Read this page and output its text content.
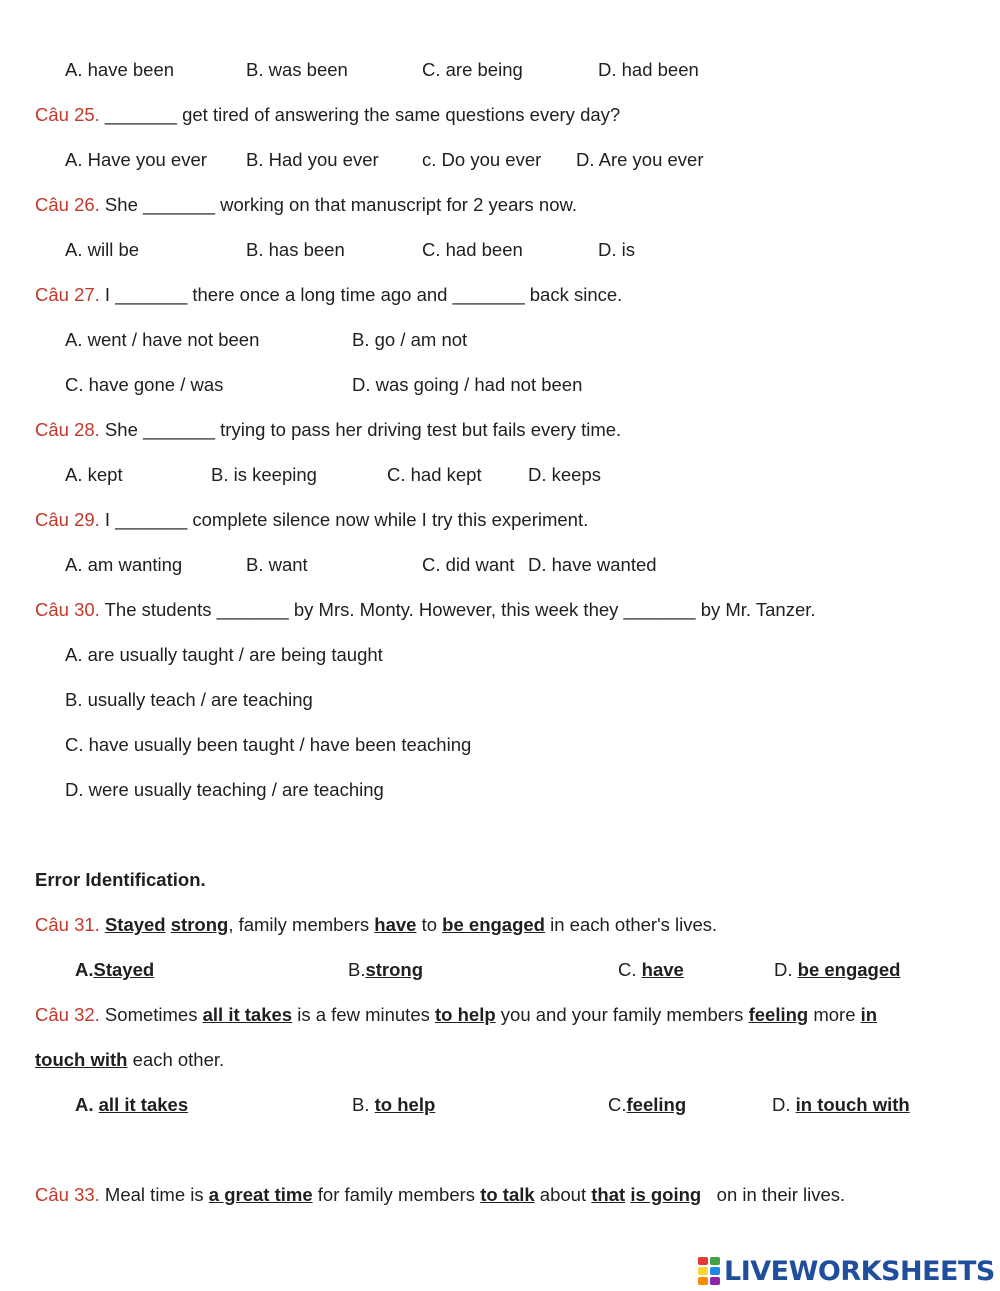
A. have been	B. was been	C. are being	D. had been
Câu 25. _______ get tired of answering the same questions every day?
A. Have you ever B. Had you ever c. Do you ever D. Are you ever
Câu 26. She _______ working on that manuscript for 2 years now.
A. will be	B. has been	C. had been	D. is
Câu 27. I _______ there once a long time ago and _______ back since.
A. went / have not been	B. go / am not
C. have gone / was	D. was going / had not been
Câu 28. She _______ trying to pass her driving test but fails every time.
A. kept	B. is keeping	C. had kept	D. keeps
Câu 29. I _______ complete silence now while I try this experiment.
A. am wanting	B. want	C. did want D. have wanted
Câu 30. The students _______ by Mrs. Monty. However, this week they _______ by Mr. Tanzer.
A. are usually taught / are being taught
B. usually teach / are teaching
C. have usually been taught / have been teaching
D. were usually teaching / are teaching
Error Identification.
Câu 31. Stayed strong, family members have to be engaged in each other's lives.
A.Stayed	B.strong	C. have	D. be engaged
Câu 32. Sometimes all it takes is a few minutes to help you and your family members feeling more in
touch with each other.
A. all it takes	B. to help	C.feeling	D. in touch with
Câu 33. Meal time is a great time for family members to talk about that is going   on in their lives.
LIVEWORKSHEETS
